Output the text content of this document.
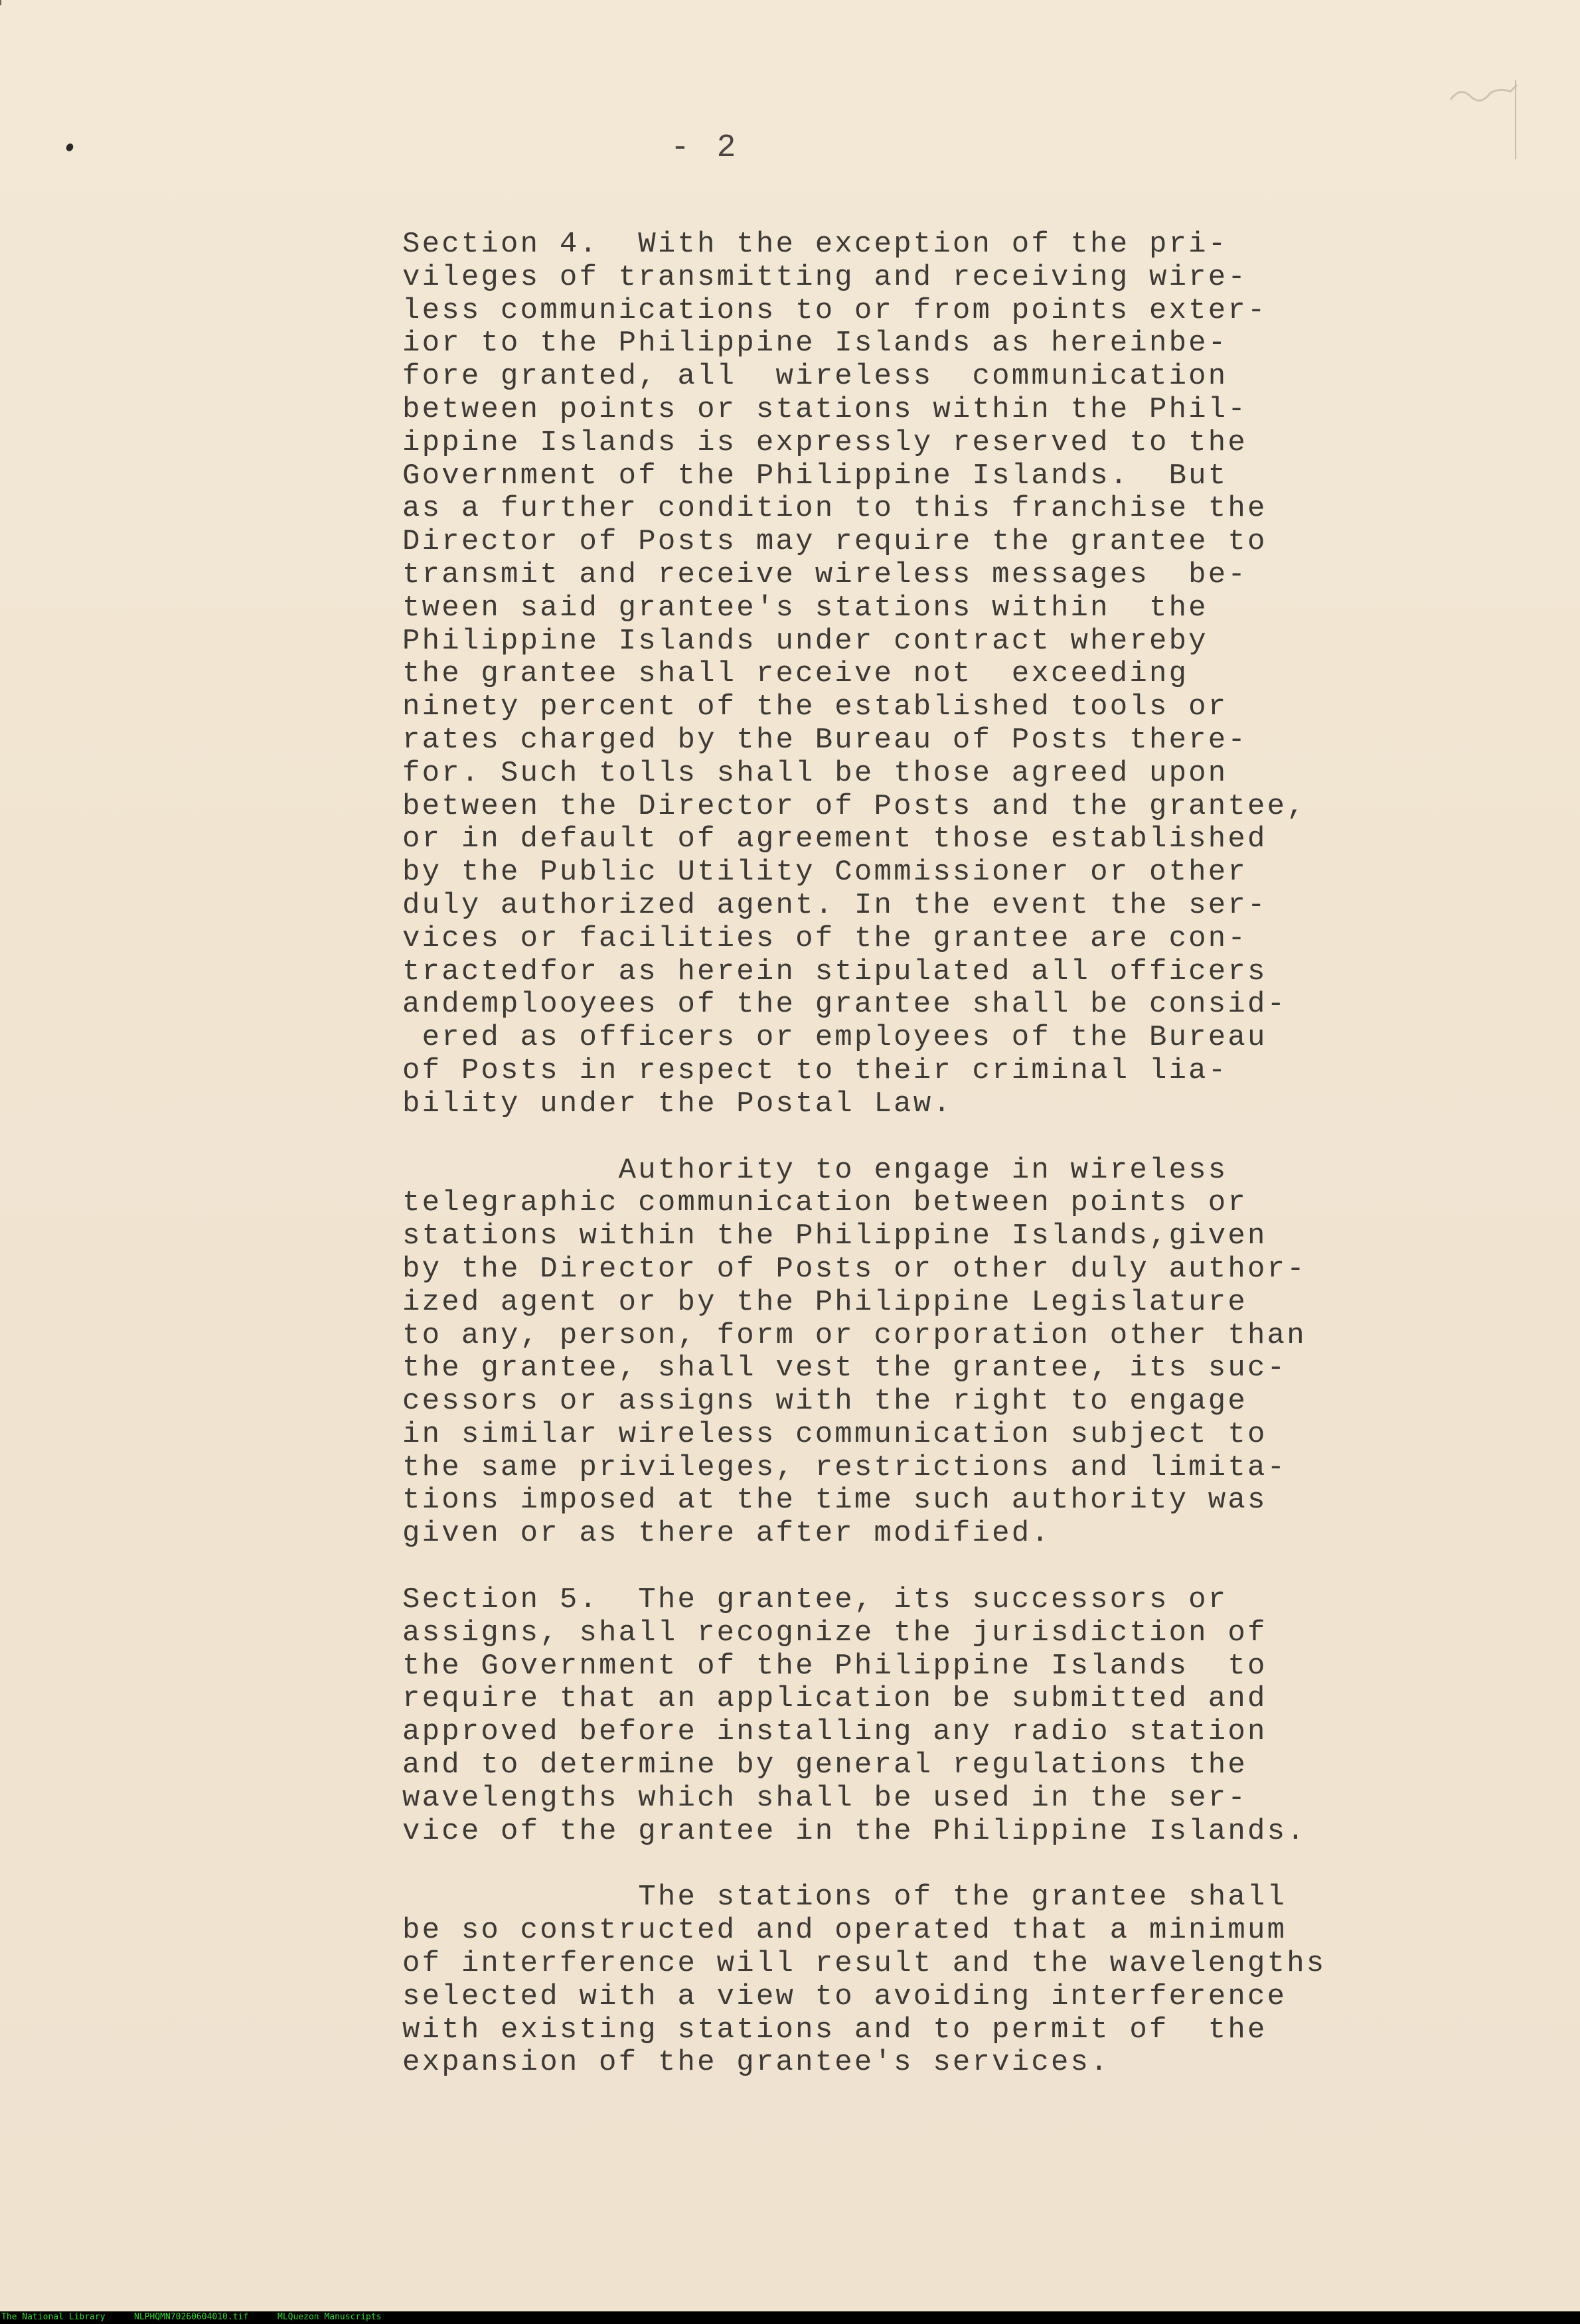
- 2
Section 4.  With the exception of the pri-
vileges of transmitting and receiving wire-
less communications to or from points exter-
ior to the Philippine Islands as hereinbe-
fore granted, all  wireless  communication
between points or stations within the Phil-
ippine Islands is expressly reserved to the
Government of the Philippine Islands.  But
as a further condition to this franchise the
Director of Posts may require the grantee to
transmit and receive wireless messages  be-
tween said grantee's stations within  the
Philippine Islands under contract whereby
the grantee shall receive not  exceeding
ninety percent of the established tools or
rates charged by the Bureau of Posts there-
for. Such tolls shall be those agreed upon
between the Director of Posts and the grantee,
or in default of agreement those established
by the Public Utility Commissioner or other
duly authorized agent. In the event the ser-
vices or facilities of the grantee are con-
tractedfor as herein stipulated all officers
andemplooyees of the grantee shall be consid-
ered as officers or employees of the Bureau
of Posts in respect to their criminal lia-
bility under the Postal Law.
Authority to engage in wireless
telegraphic communication between points or
stations within the Philippine Islands,given
by the Director of Posts or other duly author-
ized agent or by the Philippine Legislature
to any, person, form or corporation other than
the grantee, shall vest the grantee, its suc-
cessors or assigns with the right to engage
in similar wireless communication subject to
the same privileges, restrictions and limita-
tions imposed at the time such authority was
given or as there after modified.
Section 5.  The grantee, its successors or
assigns, shall recognize the jurisdiction of
the Government of the Philippine Islands  to
require that an application be submitted and
approved before installing any radio station
and to determine by general regulations the
wavelengths which shall be used in the ser-
vice of the grantee in the Philippine Islands.
The stations of the grantee shall
be so constructed and operated that a minimum
of interference will result and the wavelengths
selected with a view to avoiding interference
with existing stations and to permit of  the
expansion of the grantee's services.
The National Library	NLPHQMN70260604010.tif	MLQuezon Manuscripts
